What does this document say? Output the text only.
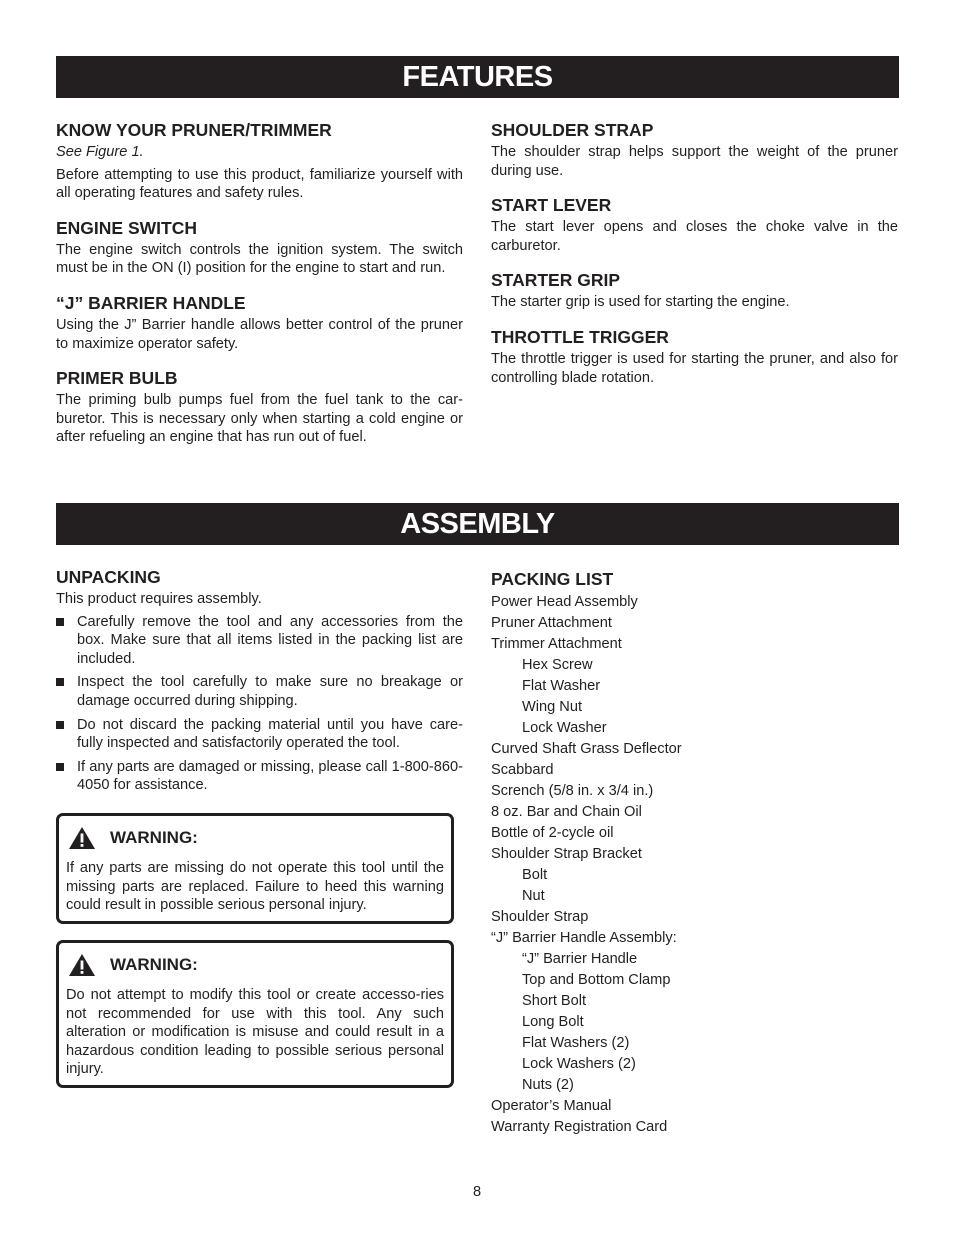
FEATURES
KNOW YOUR PRUNER/TRIMMER

See Figure 1.

Before attempting to use this product, familiarize yourself with all operating features and safety rules.

ENGINE SWITCH

The engine switch controls the ignition system. The switch must be in the ON (I) position for the engine to start and run.

“J” BARRIER HANDLE

Using the J” Barrier handle allows better control of the pruner to maximize operator safety.

PRIMER BULB

The priming bulb pumps fuel from the fuel tank to the car-buretor. This is necessary only when starting a cold engine or after refueling an engine that has run out of fuel.

SHOULDER STRAP

The shoulder strap helps support the weight of the pruner during use.

START LEVER

The start lever opens and closes the choke valve in the carburetor.

STARTER GRIP

The starter grip is used for starting the engine.

THROTTLE TRIGGER

The throttle trigger is used for starting the pruner, and also for controlling blade rotation.

ASSEMBLY
UNPACKING

This product requires assembly.

Carefully remove the tool and any accessories from the box. Make sure that all items listed in the packing list are included.
Inspect the tool carefully to make sure no breakage or damage occurred during shipping.
Do not discard the packing material until you have care-fully inspected and satisfactorily operated the tool.
If any parts are damaged or missing, please call 1-800-860-4050 for assistance.
WARNING:

If any parts are missing do not operate this tool until the missing parts are replaced. Failure to heed this warning could result in possible serious personal injury.

WARNING:

Do not attempt to modify this tool or create accesso-ries not recommended for use with this tool. Any such alteration or modification is misuse and could result in a hazardous condition leading to possible serious personal injury.

PACKING LIST
Power Head Assembly
Pruner Attachment
Trimmer Attachment
Hex Screw
Flat Washer
Wing Nut
Lock Washer
Curved Shaft Grass Deflector
Scabbard
Scrench (5/8 in. x 3/4 in.)
8 oz. Bar and Chain Oil
Bottle of 2-cycle oil
Shoulder Strap Bracket
Bolt
Nut
Shoulder Strap
“J” Barrier Handle Assembly:
“J” Barrier Handle
Top and Bottom Clamp
Short Bolt
Long Bolt
Flat Washers (2)
Lock Washers (2)
Nuts (2)
Operator’s Manual
Warranty Registration Card
8
